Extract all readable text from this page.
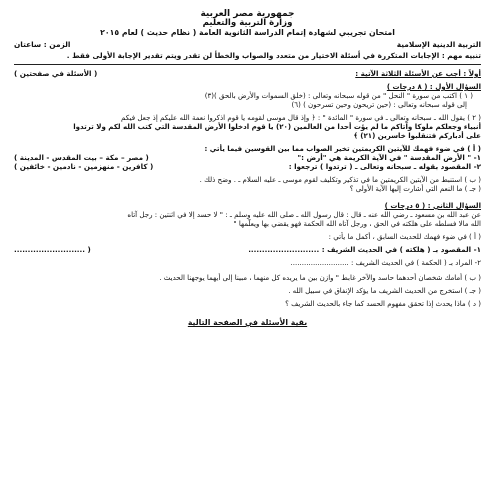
جمهورية مصر العربية
وزارة التربية والتعليم
امتحان تجريبي لشهادة إتمام الدراسة الثانوية العامة ( نظام حديث ) لعام ٢٠١٥
التربية الدينية الإسلامية
الزمن : ساعتان
تنبيه مهم : الإجابات المتكررة في أسئلة الاختيار من متعدد والصواب والخطأ لن تقدر ويتم تقدير الإجابة الأولى فقط .
أولاً : أجب عن الأسئلة الثلاثة الآتية :
( الأسئلة في صفحتين )
السؤال الأول : ( ٨ درجات )
( ١ ) اكتب من سورة " النحل " من قوله سبحانه وتعالى : (خلق السموات والأرض بالحق )(٣)
إلى قوله سبحانه وتعالى : (حين تريحون وحين تسرحون ) (٦)
( ٢ ) يقول الله ـ سبحانه وتعالى ـ في سورة " المائدة " : ﴿ وإذ قال موسى لقومه يا قوم اذكروا نعمة الله عليكم إذ جعل فيكم
أنبياء وجعلكم ملوكا وآتاكم ما لم يؤت أحدا من العالمين (٢٠) يا قوم ادخلوا الأرض المقدسة التي كتب الله لكم ولا ترتدوا
على أدباركم فتنقلبوا خاسرين (٢١) ﴾
( أ ) في ضوء فهمك للآيتين الكريمتين تخير الصواب مما بين القوسين فيما يأتي :
١- " الأرض المقدسة " في الآية الكريمة هي "أرض :"
( مصر – مكة – بيت المقدس - المدينة )
٢- المقصود بقوله ـ سبحانه وتعالى ـ ( ترتدوا ) ترجعوا :
( كافرين - منهزمين - نادمين - خائفين )
( ب ) استنبط من الآيتين الكريمتين ما في تذكير وتكليف لقوم موسى ـ عليه السلام ـ . وضح ذلك .
( جـ ) ما النعم التي أشارت إليها الآية الأولى ؟
السؤال الثاني : ( ٥ درجات )
عن عبد الله بن مسعود ـ رضي الله عنه ـ قال : قال رسول الله ـ صلى الله عليه وسلم ـ : " لا حسد إلا في اثنتين : رجل آتاه
الله مالا فسلطه على هلكته في الحق ، ورجل آتاه الله الحكمة فهو يقضي بها ويعلّمها "
( أ ) في ضوء فهمك للحديث السابق ، أكمل ما يأتي :
١- المقصود بـ ( هلكته ) في الحديث الشريف : ..........................
( ..........................
٢- المراد بـ ( الحكمة ) في الحديث الشريف : ..........................
( ب ) أمامك شخصان أحدهما حاسد والآخر غابط " وازن بين ما يريده كل منهما ، مبينا إلى أيهما يوجهنا الحديث .
( جـ ) استخرج من الحديث الشريف ما يؤكد الإنفاق في سبيل الله .
( د ) ماذا يحدث إذا تحقق مفهوم الحسد كما جاء بالحديث الشريف ؟
بقية الأسئلة في الصفحة التالية
